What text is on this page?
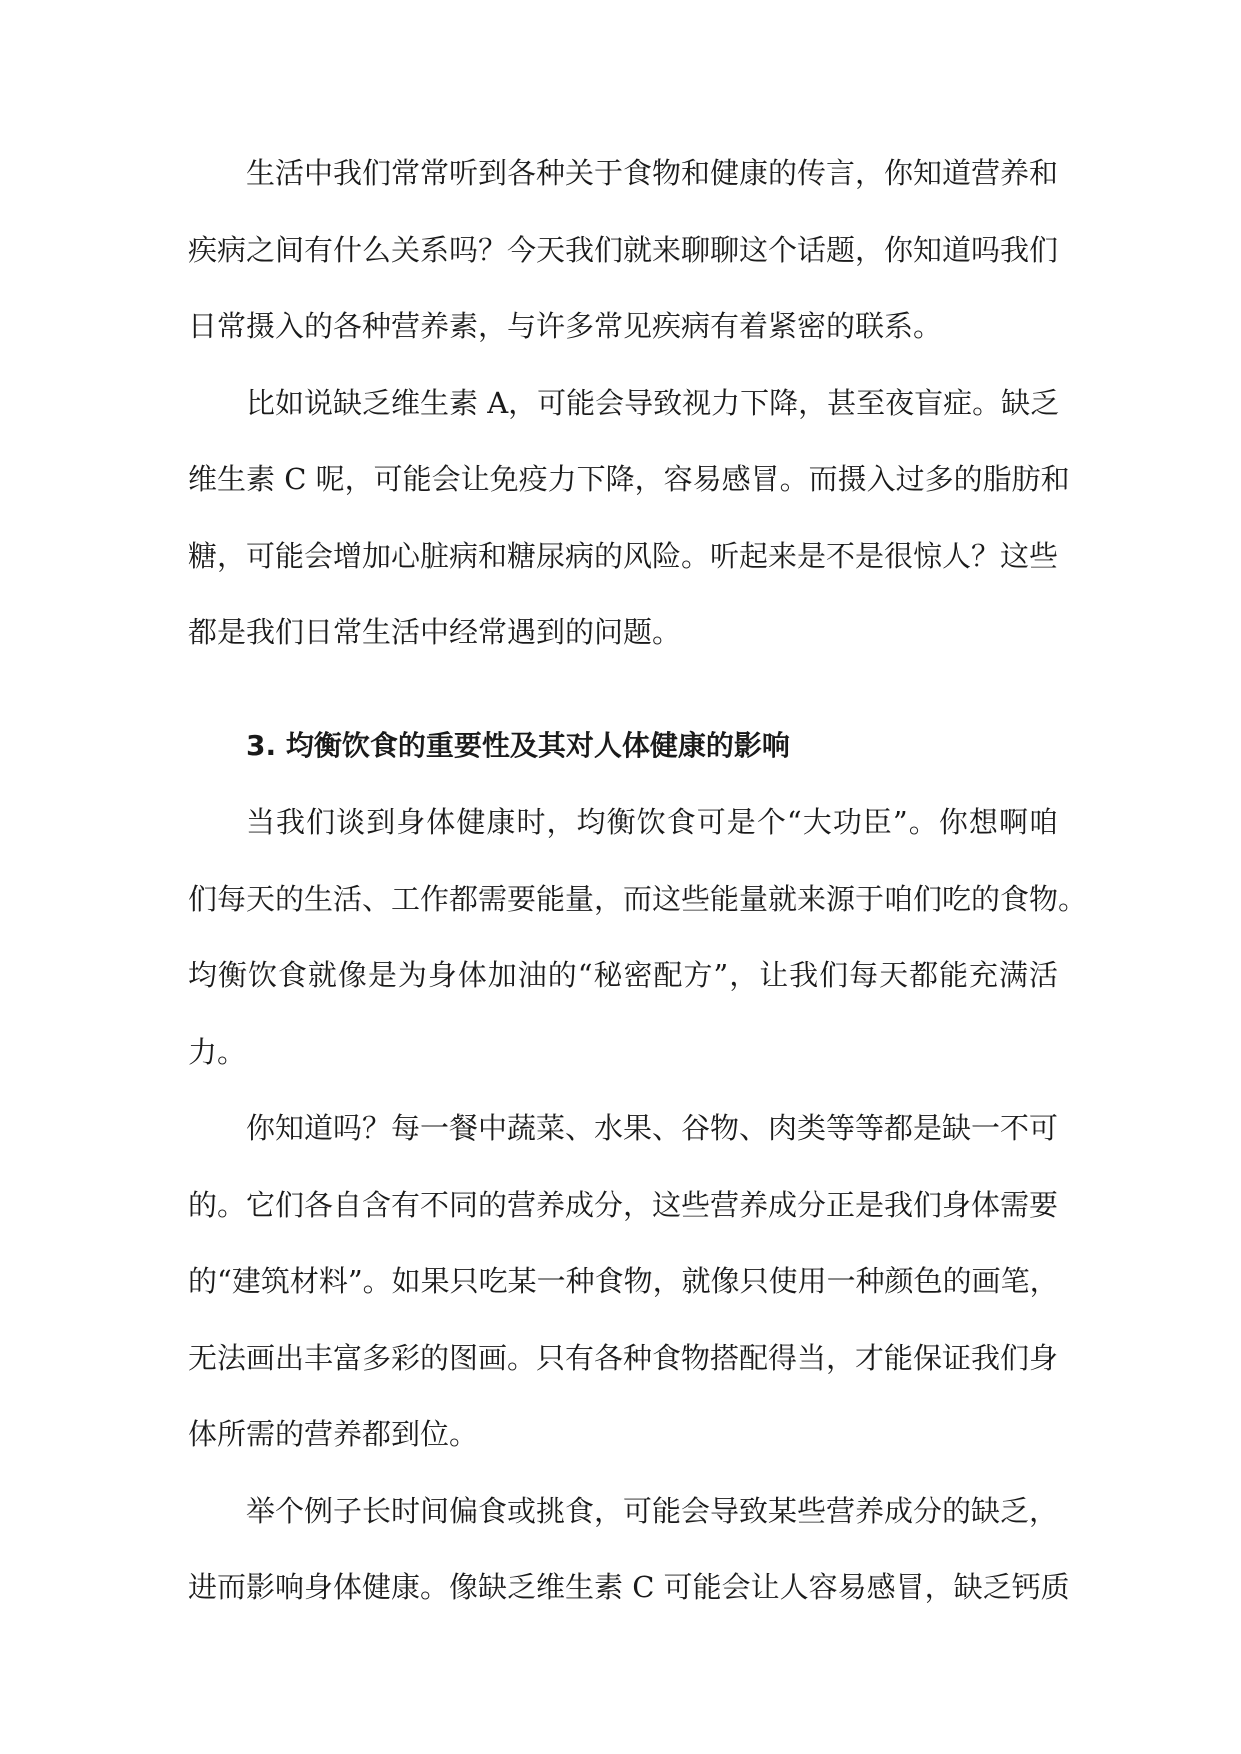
生活中我们常常听到各种关于食物和健康的传言，你知道营养和
疾病之间有什么关系吗？今天我们就来聊聊这个话题，你知道吗我们
日常摄入的各种营养素，与许多常见疾病有着紧密的联系。
比如说缺乏维生素 A，可能会导致视力下降，甚至夜盲症。缺乏
维生素 C 呢，可能会让免疫力下降，容易感冒。而摄入过多的脂肪和
糖，可能会增加心脏病和糖尿病的风险。听起来是不是很惊人？这些
都是我们日常生活中经常遇到的问题。
3. 均衡饮食的重要性及其对人体健康的影响
当我们谈到身体健康时，均衡饮食可是个“大功臣”。你想啊咱
们每天的生活、工作都需要能量，而这些能量就来源于咱们吃的食物。
均衡饮食就像是为身体加油的“秘密配方”，让我们每天都能充满活
力。
你知道吗？每一餐中蔬菜、水果、谷物、肉类等等都是缺一不可
的。它们各自含有不同的营养成分，这些营养成分正是我们身体需要
的“建筑材料”。如果只吃某一种食物，就像只使用一种颜色的画笔，
无法画出丰富多彩的图画。只有各种食物搭配得当，才能保证我们身
体所需的营养都到位。
举个例子长时间偏食或挑食，可能会导致某些营养成分的缺乏，
进而影响身体健康。像缺乏维生素 C 可能会让人容易感冒，缺乏钙质
